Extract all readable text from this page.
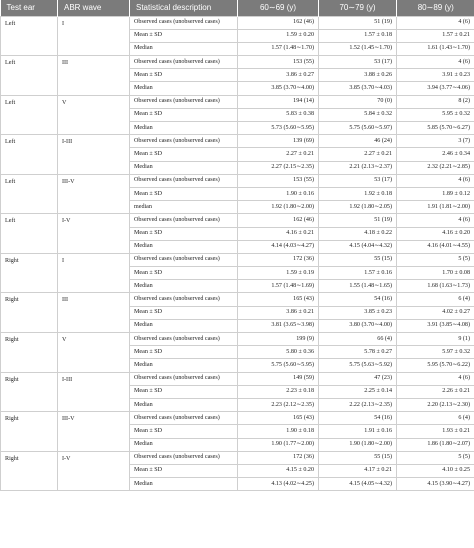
Test ear	ABR wave	Statistical description	60∼69 (y)	70∼79 (y)	80∼89 (y)
Left	I	Observed cases (unobserved cases)	162 (46)	51 (19)	4 (6)
		Mean ± SD	1.59 ± 0.20	1.57 ± 0.18	1.57 ± 0.21
		Median	1.57 (1.48∼1.70)	1.52 (1.45∼1.70)	1.61 (1.43∼1.70)
Left	III	Observed cases (unobserved cases)	153 (55)	53 (17)	4 (6)
		Mean ± SD	3.86 ± 0.27	3.88 ± 0.26	3.91 ± 0.23
		Median	3.85 (3.70∼4.00)	3.85 (3.70∼4.03)	3.94 (3.77∼4.06)
Left	V	Observed cases (unobserved cases)	194 (14)	70 (0)	8 (2)
		Mean ± SD	5.83 ± 0.38	5.84 ± 0.32	5.95 ± 0.32
		Median	5.73 (5.60∼5.95)	5.75 (5.60∼5.97)	5.85 (5.70∼6.27)
Left	I-III	Observed cases (unobserved cases)	139 (69)	46 (24)	3 (7)
		Mean ± SD	2.27 ± 0.21	2.27 ± 0.21	2.46 ± 0.34
		Median	2.27 (2.15∼2.35)	2.21 (2.13∼2.37)	2.32 (2.21∼2.85)
Left	III-V	Observed cases (unobserved cases)	153 (55)	53 (17)	4 (6)
		Mean ± SD	1.90 ± 0.16	1.92 ± 0.18	1.89 ± 0.12
		median	1.92 (1.80∼2.00)	1.92 (1.80∼2.05)	1.91 (1.81∼2.00)
Left	I-V	Observed cases (unobserved cases)	162 (46)	51 (19)	4 (6)
		Mean ± SD	4.16 ± 0.21	4.18 ± 0.22	4.16 ± 0.20
		Median	4.14 (4.03∼4.27)	4.15 (4.04∼4.32)	4.16 (4.01∼4.55)
Right	I	Observed cases (unobserved cases)	172 (36)	55 (15)	5 (5)
		Mean ± SD	1.59 ± 0.19	1.57 ± 0.16	1.70 ± 0.08
		Median	1.57 (1.48∼1.69)	1.55 (1.48∼1.65)	1.68 (1.63∼1.73)
Right	III	Observed cases (unobserved cases)	165 (43)	54 (16)	6 (4)
		Mean ± SD	3.86 ± 0.21	3.85 ± 0.23	4.02 ± 0.27
		Median	3.81 (3.65∼3.98)	3.80 (3.70∼4.00)	3.91 (3.85∼4.08)
Right	V	Observed cases (unobserved cases)	199 (9)	66 (4)	9 (1)
		Mean ± SD	5.80 ± 0.36	5.78 ± 0.27	5.97 ± 0.32
		Median	5.75 (5.60∼5.95)	5.75 (5.63∼5.92)	5.95 (5.70∼6.22)
Right	I-III	Observed cases (unobserved cases)	149 (59)	47 (23)	4 (6)
		Mean ± SD	2.23 ± 0.18	2.25 ± 0.14	2.26 ± 0.21
		Median	2.23 (2.12∼2.35)	2.22 (2.13∼2.35)	2.20 (2.13∼2.30)
Right	III-V	Observed cases (unobserved cases)	165 (43)	54 (16)	6 (4)
		Mean ± SD	1.90 ± 0.18	1.91 ± 0.16	1.93 ± 0.21
		Median	1.90 (1.77∼2.00)	1.90 (1.80∼2.00)	1.86 (1.80∼2.07)
Right	I-V	Observed cases (unobserved cases)	172 (36)	55 (15)	5 (5)
		Mean ± SD	4.15 ± 0.20	4.17 ± 0.21	4.10 ± 0.25
		Median	4.13 (4.02∼4.25)	4.15 (4.05∼4.32)	4.15 (3.90∼4.27)
